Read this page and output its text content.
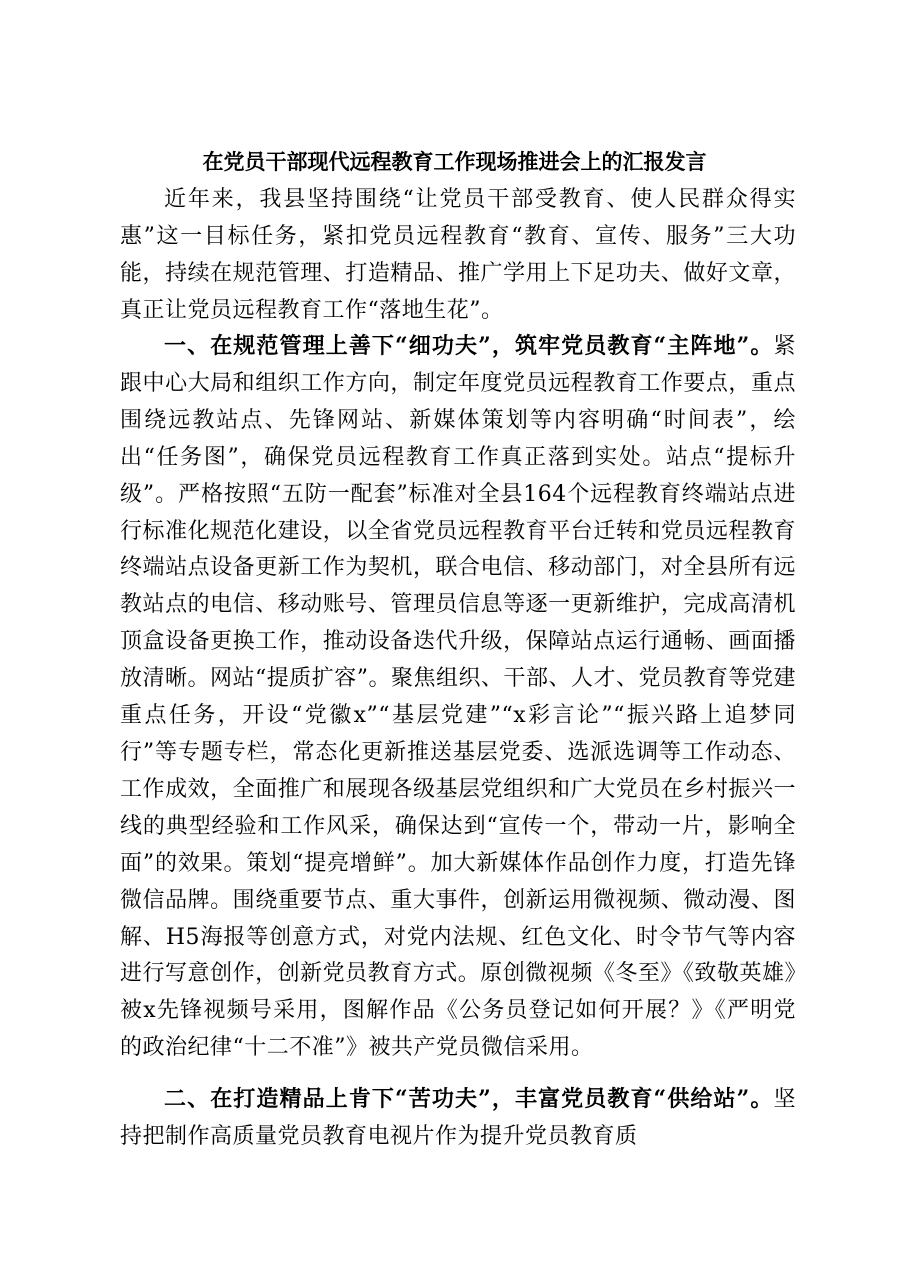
在党员干部现代远程教育工作现场推进会上的汇报发言

近年来，我县坚持围绕“让党员干部受教育、使人民群众得实惠”这一目标任务，紧扣党员远程教育“教育、宣传、服务”三大功能，持续在规范管理、打造精品、推广学用上下足功夫、做好文章，真正让党员远程教育工作“落地生花”。

一、在规范管理上善下“细功夫”，筑牢党员教育“主阵地”。紧跟中心大局和组织工作方向，制定年度党员远程教育工作要点，重点围绕远教站点、先锋网站、新媒体策划等内容明确“时间表”，绘出“任务图”，确保党员远程教育工作真正落到实处。站点“提标升级”。严格按照“五防一配套”标准对全县164个远程教育终端站点进行标准化规范化建设，以全省党员远程教育平台迁转和党员远程教育终端站点设备更新工作为契机，联合电信、移动部门，对全县所有远教站点的电信、移动账号、管理员信息等逐一更新维护，完成高清机顶盒设备更换工作，推动设备迭代升级，保障站点运行通畅、画面播放清晰。网站“提质扩容”。聚焦组织、干部、人才、党员教育等党建重点任务，开设“党徽x”“基层党建”“x彩言论”“振兴路上追梦同行”等专题专栏，常态化更新推送基层党委、选派选调等工作动态、工作成效，全面推广和展现各级基层党组织和广大党员在乡村振兴一线的典型经验和工作风采，确保达到“宣传一个，带动一片，影响全面”的效果。策划“提亮增鲜”。加大新媒体作品创作力度，打造先锋微信品牌。围绕重要节点、重大事件，创新运用微视频、微动漫、图解、H5海报等创意方式，对党内法规、红色文化、时令节气等内容进行写意创作，创新党员教育方式。原创微视频《冬至》《致敬英雄》被x先锋视频号采用，图解作品《公务员登记如何开展？》《严明党的政治纪律“十二不准”》被共产党员微信采用。

二、在打造精品上肯下“苦功夫”，丰富党员教育“供给站”。坚持把制作高质量党员教育电视片作为提升党员教育质
